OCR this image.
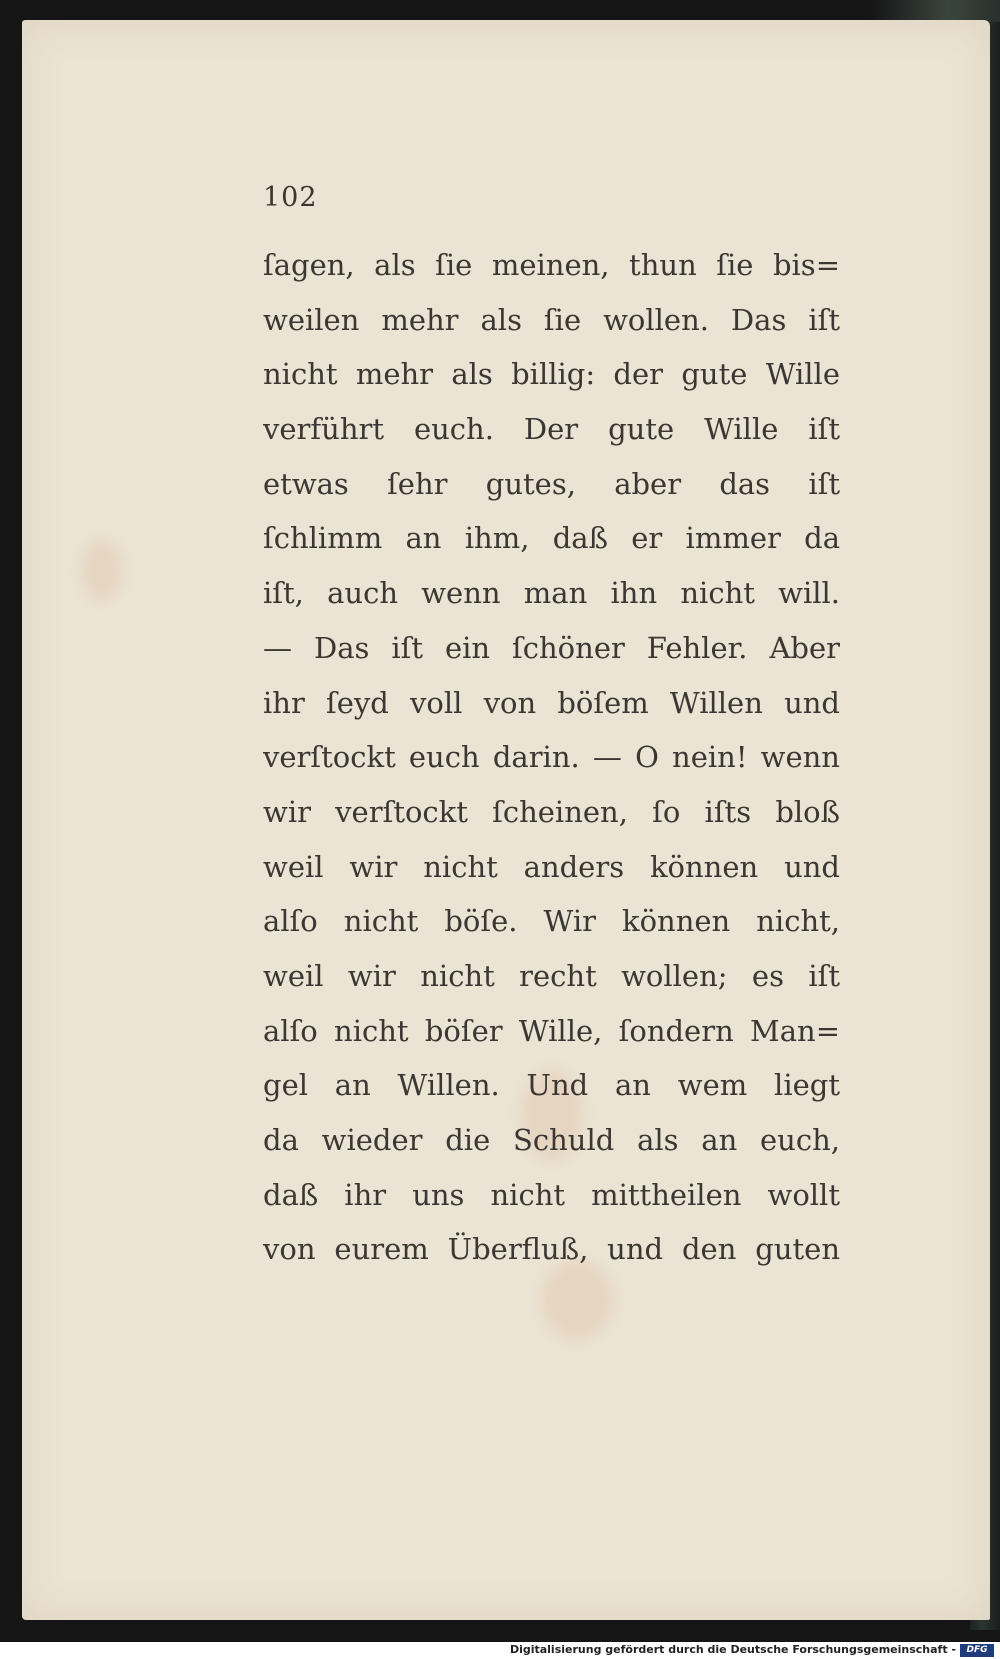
102
ſagen, als ſie meinen, thun ſie bis=
weilen mehr als ſie wollen. Das iſt
nicht mehr als billig: der gute Wille
verführt euch. Der gute Wille iſt
etwas ſehr gutes, aber das iſt
ſchlimm an ihm, daß er immer da
iſt, auch wenn man ihn nicht will.
— Das iſt ein ſchöner Fehler. Aber
ihr ſeyd voll von böſem Willen und
verſtockt euch darin. — O nein! wenn
wir verſtockt ſcheinen, ſo iſts bloß
weil wir nicht anders können und
alſo nicht böſe. Wir können nicht,
weil wir nicht recht wollen; es iſt
alſo nicht böſer Wille, ſondern Man=
gel an Willen. Und an wem liegt
da wieder die Schuld als an euch,
daß ihr uns nicht mittheilen wollt
von eurem Überfluß, und den guten
Digitalisierung gefördert durch die Deutsche Forschungsgemeinschaft -	DFG
